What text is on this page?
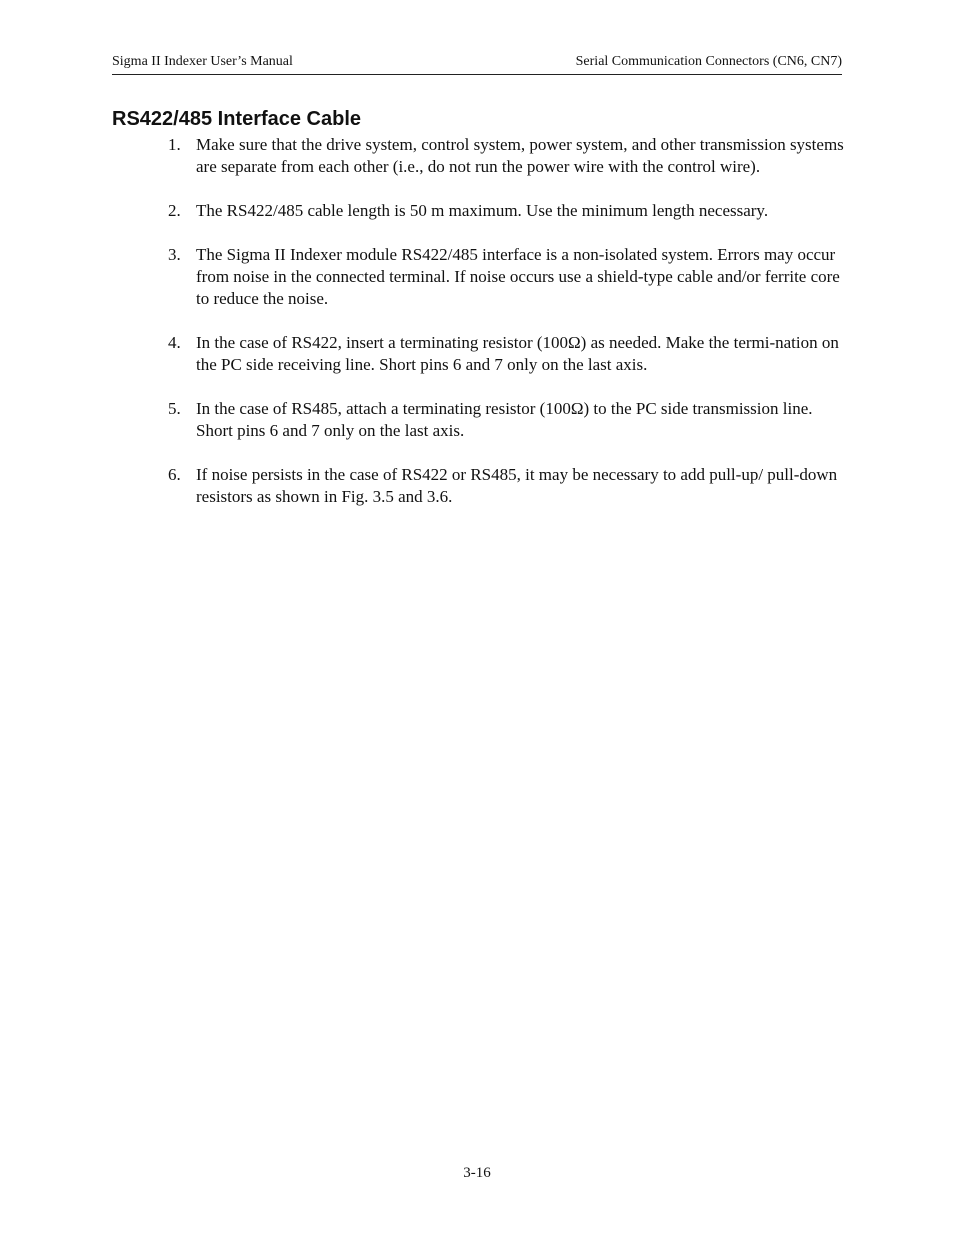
Sigma II Indexer User’s Manual	Serial Communication Connectors (CN6, CN7)
RS422/485 Interface Cable
1. Make sure that the drive system, control system, power system, and other transmission systems are separate from each other (i.e., do not run the power wire with the control wire).
2. The RS422/485 cable length is 50 m maximum. Use the minimum length necessary.
3. The Sigma II Indexer module RS422/485 interface is a non-isolated system. Errors may occur from noise in the connected terminal. If noise occurs use a shield-type cable and/or ferrite core to reduce the noise.
4. In the case of RS422, insert a terminating resistor (100Ω) as needed. Make the termi-nation on the PC side receiving line. Short pins 6 and 7 only on the last axis.
5. In the case of RS485, attach a terminating resistor (100Ω) to the PC side transmission line. Short pins 6 and 7 only on the last axis.
6. If noise persists in the case of RS422 or RS485, it may be necessary to add pull-up/ pull-down resistors as shown in Fig. 3.5 and 3.6.
3-16
